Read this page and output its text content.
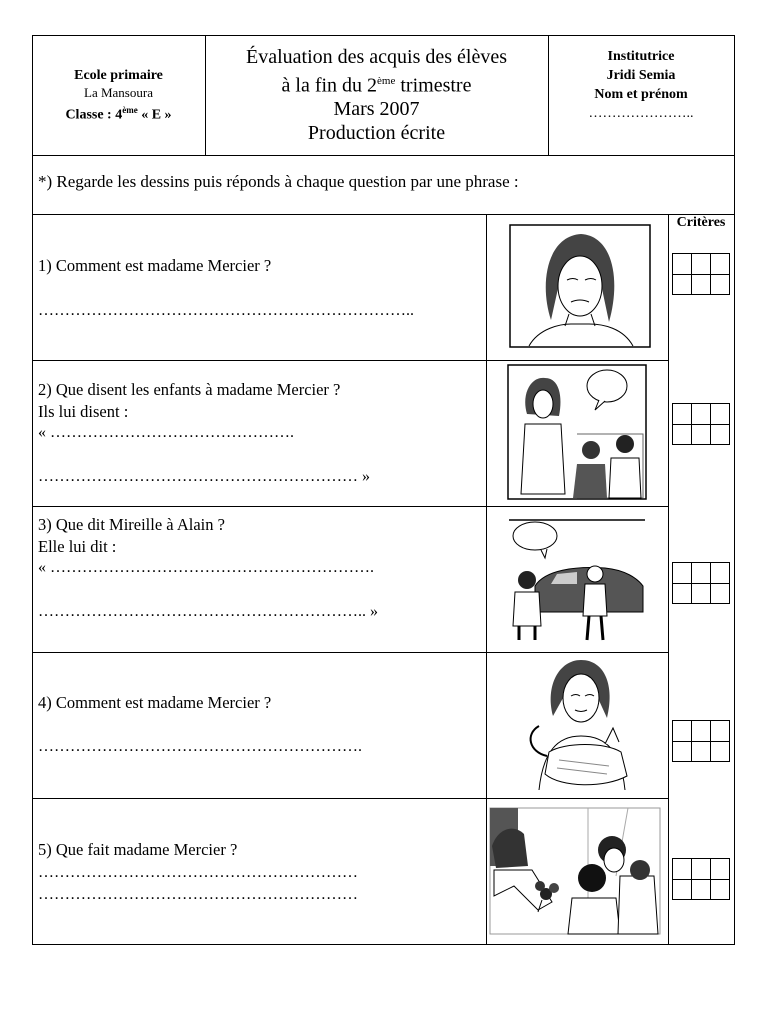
Ecole primaire
La Mansoura
Classe : 4ème « E »
Évaluation des acquis des élèves
à la fin du 2ème trimestre
Mars 2007
Production écrite
Institutrice
Jridi Semia
Nom et prénom
…………………..
*) Regarde les dessins puis réponds à chaque question par une phrase :
Critères
1) Comment est madame Mercier ?
……………………………………………………………..
2) Que disent les enfants à madame Mercier ?
Ils lui disent :
« ……………………………………….
…………………………………………………… »
3) Que dit Mireille à Alain ?
Elle lui dit :
« …………………………………………………….
…………………………………………………….. »
4) Comment est madame Mercier ?
…………………………………………………….
5) Que fait madame Mercier ?
……………………………………………………
……………………………………………………
